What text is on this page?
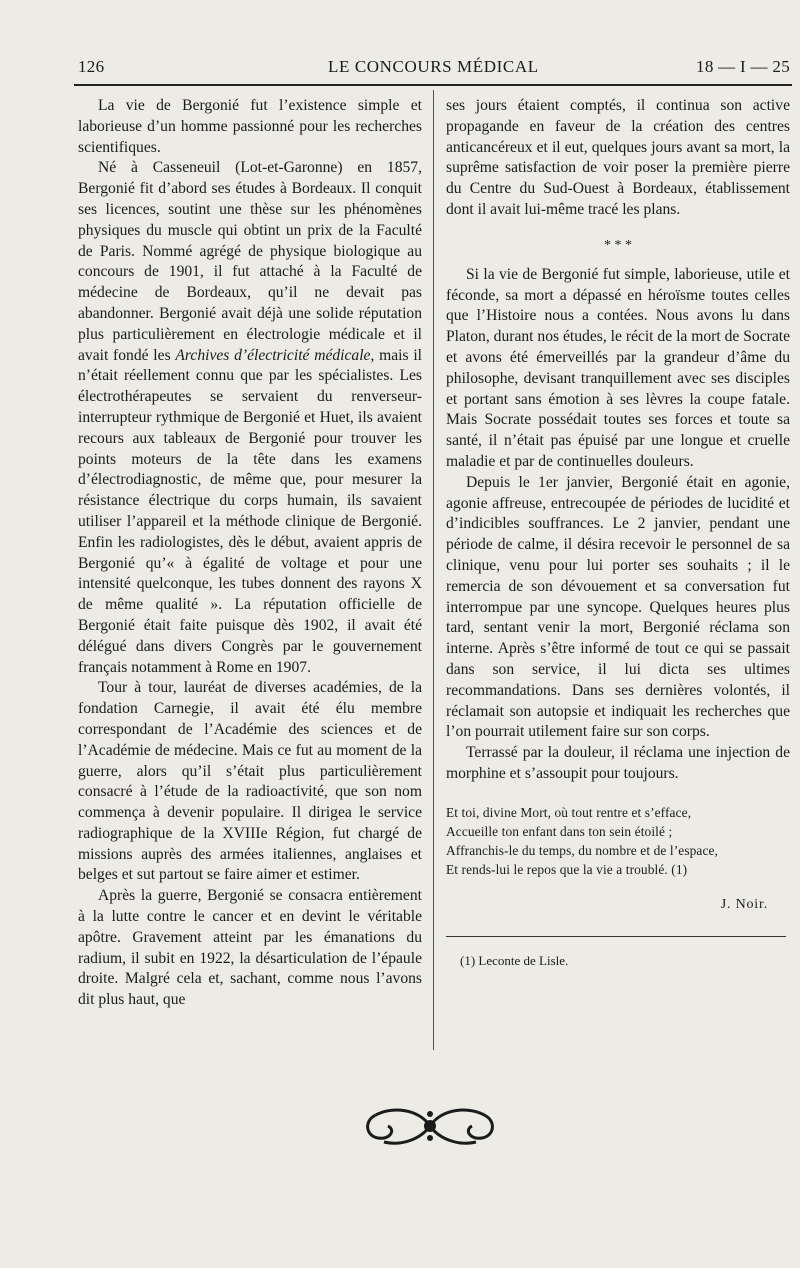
126	LE CONCOURS MÉDICAL	18 — I — 25

La vie de Bergonié fut l’existence simple et laborieuse d’un homme passionné pour les recherches scientifiques.

Né à Casseneuil (Lot-et-Garonne) en 1857, Bergonié fit d’abord ses études à Bordeaux. Il conquit ses licences, soutint une thèse sur les phénomènes physiques du muscle qui obtint un prix de la Faculté de Paris. Nommé agrégé de physique biologique au concours de 1901, il fut attaché à la Faculté de médecine de Bordeaux, qu’il ne devait pas abandonner. Bergonié avait déjà une solide réputation plus particulièrement en électrologie médicale et il avait fondé les Archives d’électricité médicale, mais il n’était réellement connu que par les spécialistes. Les électrothérapeutes se servaient du renverseur-interrupteur rythmique de Bergonié et Huet, ils avaient recours aux tableaux de Bergonié pour trouver les points moteurs de la tête dans les examens d’électrodiagnostic, de même que, pour mesurer la résistance électrique du corps humain, ils savaient utiliser l’appareil et la méthode clinique de Bergonié. Enfin les radiologistes, dès le début, avaient appris de Bergonié qu’« à égalité de voltage et pour une intensité quelconque, les tubes donnent des rayons X de même qualité ». La réputation officielle de Bergonié était faite puisque dès 1902, il avait été délégué dans divers Congrès par le gouvernement français notamment à Rome en 1907.

Tour à tour, lauréat de diverses académies, de la fondation Carnegie, il avait été élu membre correspondant de l’Académie des sciences et de l’Académie de médecine. Mais ce fut au moment de la guerre, alors qu’il s’était plus particulièrement consacré à l’étude de la radioactivité, que son nom commença à devenir populaire. Il dirigea le service radiographique de la XVIIIe Région, fut chargé de missions auprès des armées italiennes, anglaises et belges et sut partout se faire aimer et estimer.

Après la guerre, Bergonié se consacra entièrement à la lutte contre le cancer et en devint le véritable apôtre. Gravement atteint par les émanations du radium, il subit en 1922, la désarticulation de l’épaule droite. Malgré cela et, sachant, comme nous l’avons dit plus haut, que

ses jours étaient comptés, il continua son active propagande en faveur de la création des centres anticancéreux et il eut, quelques jours avant sa mort, la suprême satisfaction de voir poser la première pierre du Centre du Sud-Ouest à Bordeaux, établissement dont il avait lui-même tracé les plans.

* * *

Si la vie de Bergonié fut simple, laborieuse, utile et féconde, sa mort a dépassé en héroïsme toutes celles que l’Histoire nous a contées. Nous avons lu dans Platon, durant nos études, le récit de la mort de Socrate et avons été émerveillés par la grandeur d’âme du philosophe, devisant tranquillement avec ses disciples et portant sans émotion à ses lèvres la coupe fatale. Mais Socrate possédait toutes ses forces et toute sa santé, il n’était pas épuisé par une longue et cruelle maladie et par de continuelles douleurs.

Depuis le 1er janvier, Bergonié était en agonie, agonie affreuse, entrecoupée de périodes de lucidité et d’indicibles souffrances. Le 2 janvier, pendant une période de calme, il désira recevoir le personnel de sa clinique, venu pour lui porter ses souhaits ; il le remercia de son dévouement et sa conversation fut interrompue par une syncope. Quelques heures plus tard, sentant venir la mort, Bergonié réclama son interne. Après s’être informé de tout ce qui se passait dans son service, il lui dicta ses ultimes recommandations. Dans ses dernières volontés, il réclamait son autopsie et indiquait les recherches que l’on pourrait utilement faire sur son corps.

Terrassé par la douleur, il réclama une injection de morphine et s’assoupit pour toujours.

Et toi, divine Mort, où tout rentre et s’efface,
Accueille ton enfant dans ton sein étoilé ;
Affranchis-le du temps, du nombre et de l’espace,
Et rends-lui le repos que la vie a troublé. (1)
J. Noir.
(1) Leconte de Lisle.
